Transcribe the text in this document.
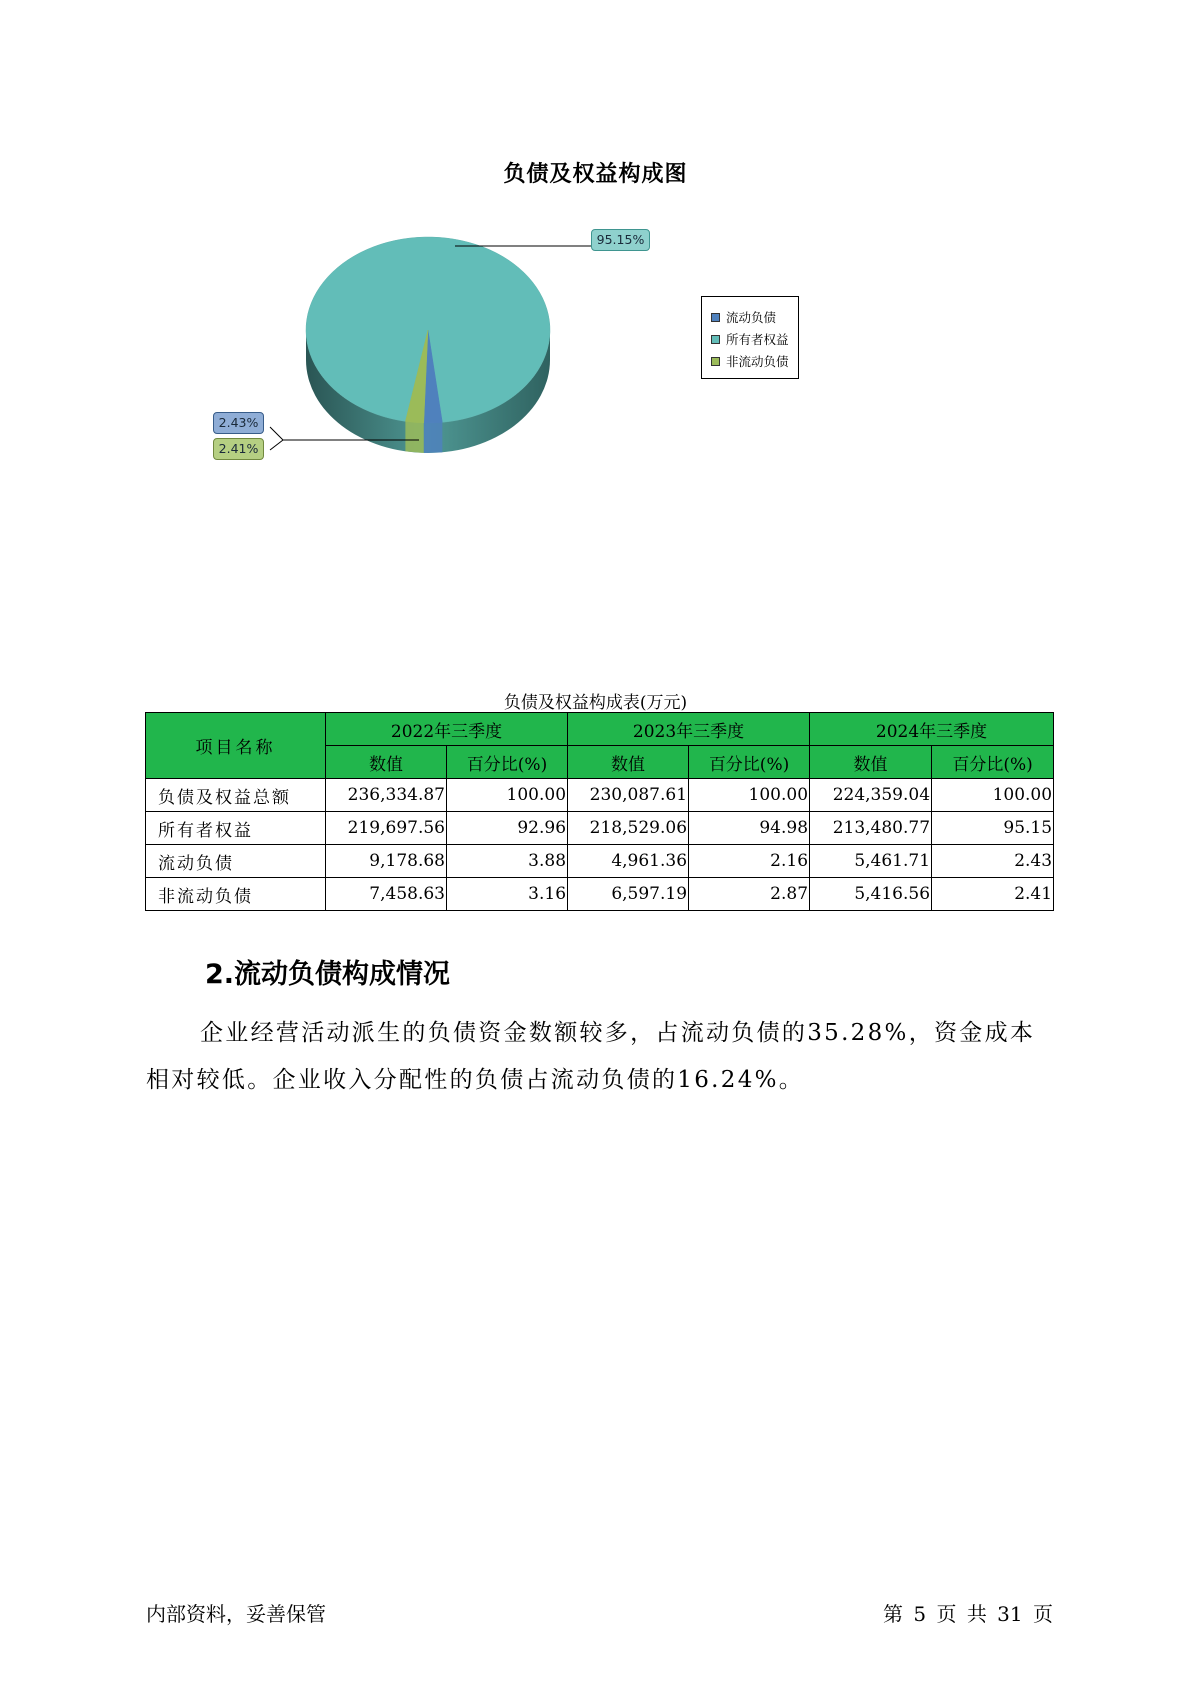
负债及权益构成图
流动负债
所有者权益
非流动负债
95.15%
2.43%
2.41%
负债及权益构成表(万元)
项目名称	2022年三季度		2023年三季度		2024年三季度	
	数值	百分比(%)	数值	百分比(%)	数值	百分比(%)
负债及权益总额	236,334.87	100.00	230,087.61	100.00	224,359.04	100.00
所有者权益	219,697.56	92.96	218,529.06	94.98	213,480.77	95.15
流动负债	9,178.68	3.88	4,961.36	2.16	5,461.71	2.43
非流动负债	7,458.63	3.16	6,597.19	2.87	5,416.56	2.41
2.流动负债构成情况
企业经营活动派生的负债资金数额较多，占流动负债的35.28%，资金成本相对较低。企业收入分配性的负债占流动负债的16.24%。
内部资料，妥善保管	第 5 页 共 31 页
